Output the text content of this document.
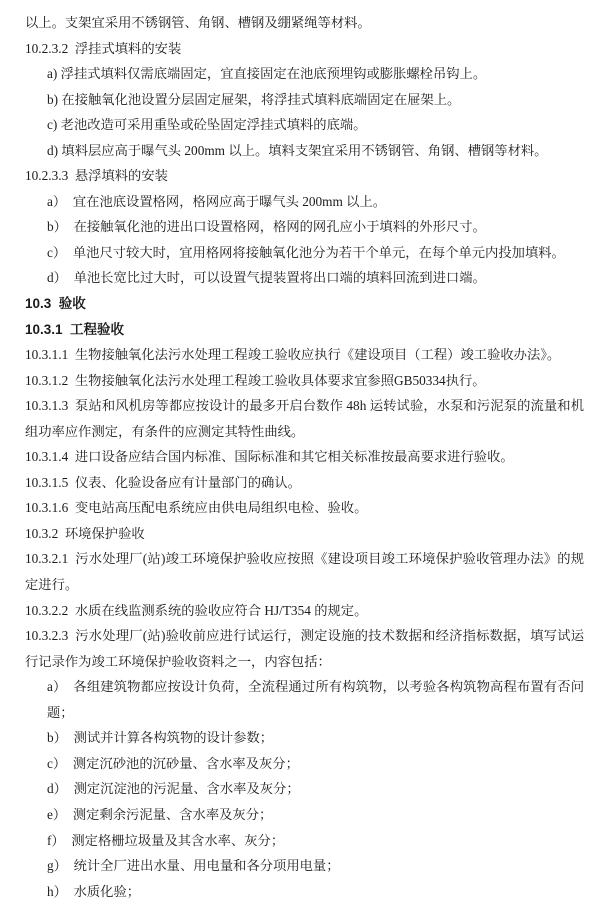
以上。支架宜采用不锈钢管、角钢、槽钢及绷紧绳等材料。

10.2.3.2  浮挂式填料的安装

a) 浮挂式填料仅需底端固定，宜直接固定在池底预埋钩或膨胀螺栓吊钩上。

b) 在接触氧化池设置分层固定屉架，将浮挂式填料底端固定在屉架上。

c) 老池改造可采用重坠或砼坠固定浮挂式填料的底端。

d) 填料层应高于曝气头 200mm 以上。填料支架宜采用不锈钢管、角钢、槽钢等材料。

10.2.3.3  悬浮填料的安装

a）  宜在池底设置格网，格网应高于曝气头 200mm 以上。

b）  在接触氧化池的进出口设置格网，格网的网孔应小于填料的外形尺寸。

c）  单池尺寸较大时，宜用格网将接触氧化池分为若干个单元，在每个单元内投加填料。

d）  单池长宽比过大时，可以设置气提装置将出口端的填料回流到进口端。

10.3  验收

10.3.1  工程验收

10.3.1.1  生物接触氧化法污水处理工程竣工验收应执行《建设项目（工程）竣工验收办法》。

10.3.1.2  生物接触氧化法污水处理工程竣工验收具体要求宜参照GB50334执行。

10.3.1.3  泵站和风机房等都应按设计的最多开启台数作 48h 运转试验，水泵和污泥泵的流量和机组功率应作测定，有条件的应测定其特性曲线。

10.3.1.4  进口设备应结合国内标准、国际标准和其它相关标准按最高要求进行验收。

10.3.1.5  仪表、化验设备应有计量部门的确认。

10.3.1.6  变电站高压配电系统应由供电局组织电检、验收。

10.3.2  环境保护验收

10.3.2.1  污水处理厂(站)竣工环境保护验收应按照《建设项目竣工环境保护验收管理办法》的规定进行。

10.3.2.2  水质在线监测系统的验收应符合 HJ/T354 的规定。

10.3.2.3  污水处理厂(站)验收前应进行试运行，测定设施的技术数据和经济指标数据，填写试运行记录作为竣工环境保护验收资料之一，内容包括：

a）  各组建筑物都应按设计负荷，全流程通过所有构筑物，以考验各构筑物高程布置有否问题；

b）  测试并计算各构筑物的设计参数；

c）  测定沉砂池的沉砂量、含水率及灰分；

d）  测定沉淀池的污泥量、含水率及灰分；

e）  测定剩余污泥量、含水率及灰分；

f）  测定格栅垃圾量及其含水率、灰分；

g）  统计全厂进出水量、用电量和各分项用电量；

h）  水质化验；
